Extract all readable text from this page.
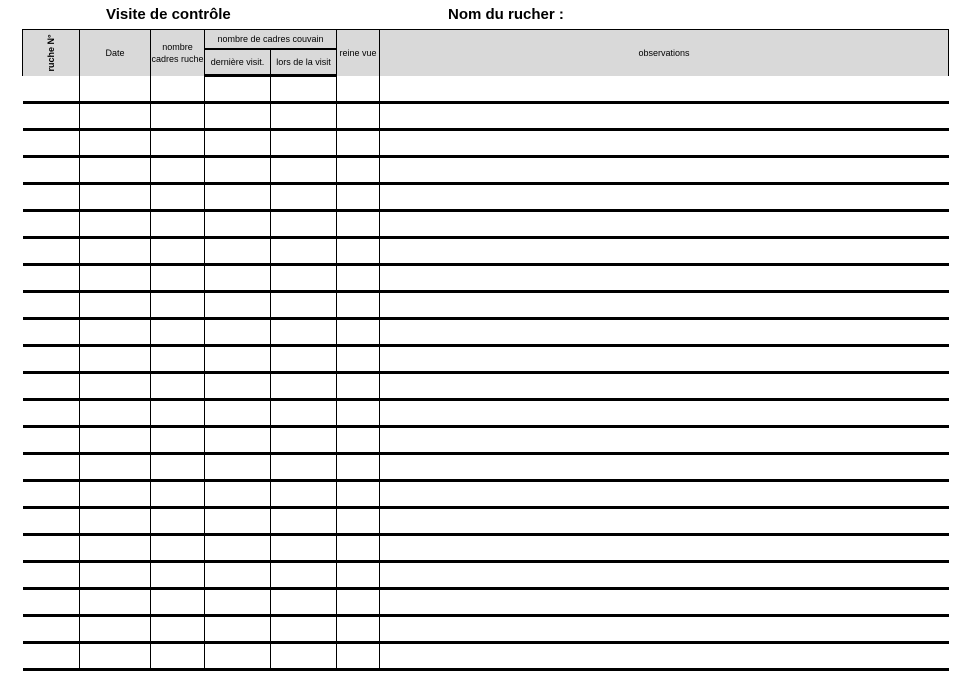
Visite de contrôle	Nom du rucher :
ruche N°	Date	nombre cadres ruche	nombre de cadres couvain		reine vue	observations
			dernière visit.	lors de la visit		
